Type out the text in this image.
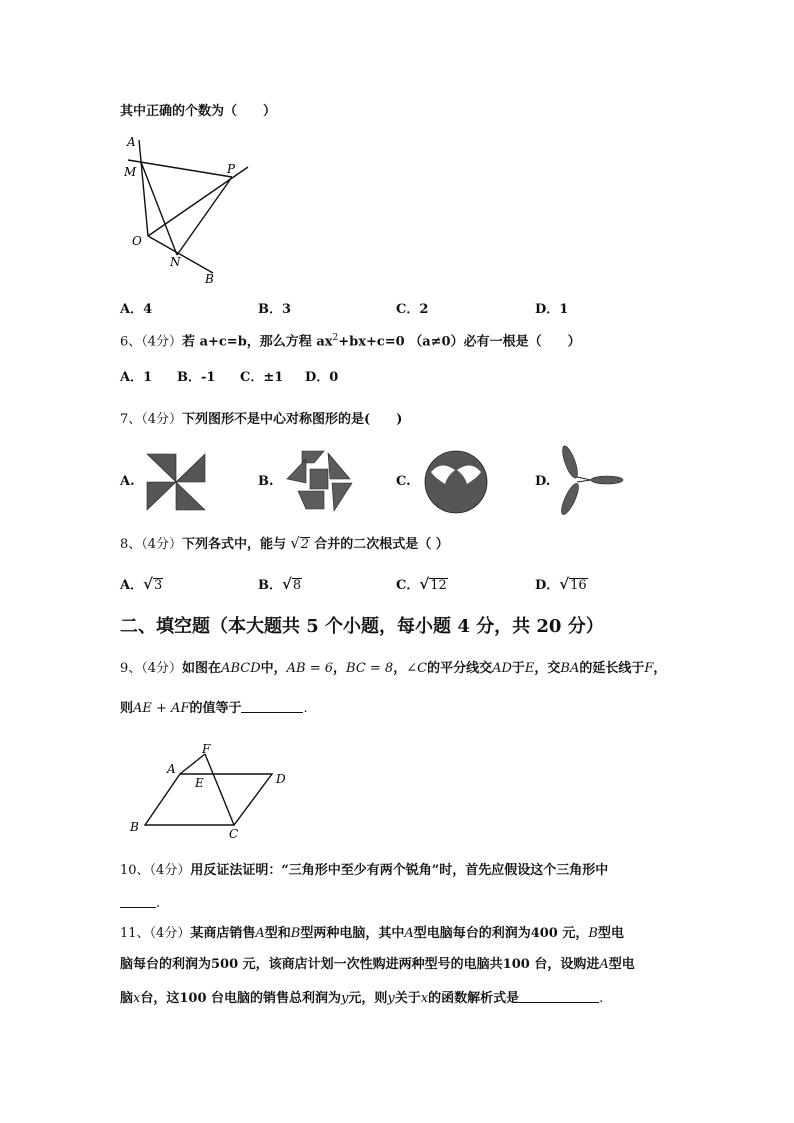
其中正确的个数为（　　）
A
M	P
O
N
B
A．4	B．3	C．2	D．1
6、（4分）若 a+c=b，那么方程 $ax^2+bx+c=0$ （a≠0）必有一根是（　　）
A．1 B．-1 C．±1 D．0
7、（4分）下列图形不是中心对称图形的是(　　)
A.	B.	C.	D.
8、（4分）下列各式中，能与 √2 合并的二次根式是（ ）
A．√3	B．√8	C．√12	D．√16
二、填空题（本大题共 5 个小题，每小题 4 分，共 20 分）
9、（4分）如图在ABCD中，AB = 6，BC = 8，∠C的平分线交AD于E，交BA的延长线于F，
则AE + AF的值等于	.
F
A
E	D
B	C
10、（4分）用反证法证明：“三角形中至少有两个锐角”时，首先应假设这个三角形中
.
11、（4分）某商店销售A型和B型两种电脑，其中A型电脑每台的利润为400 元，B型电
脑每台的利润为500 元，该商店计划一次性购进两种型号的电脑共100 台，设购进A型电
脑x台，这100 台电脑的销售总利润为y元，则y关于x的函数解析式是	.
